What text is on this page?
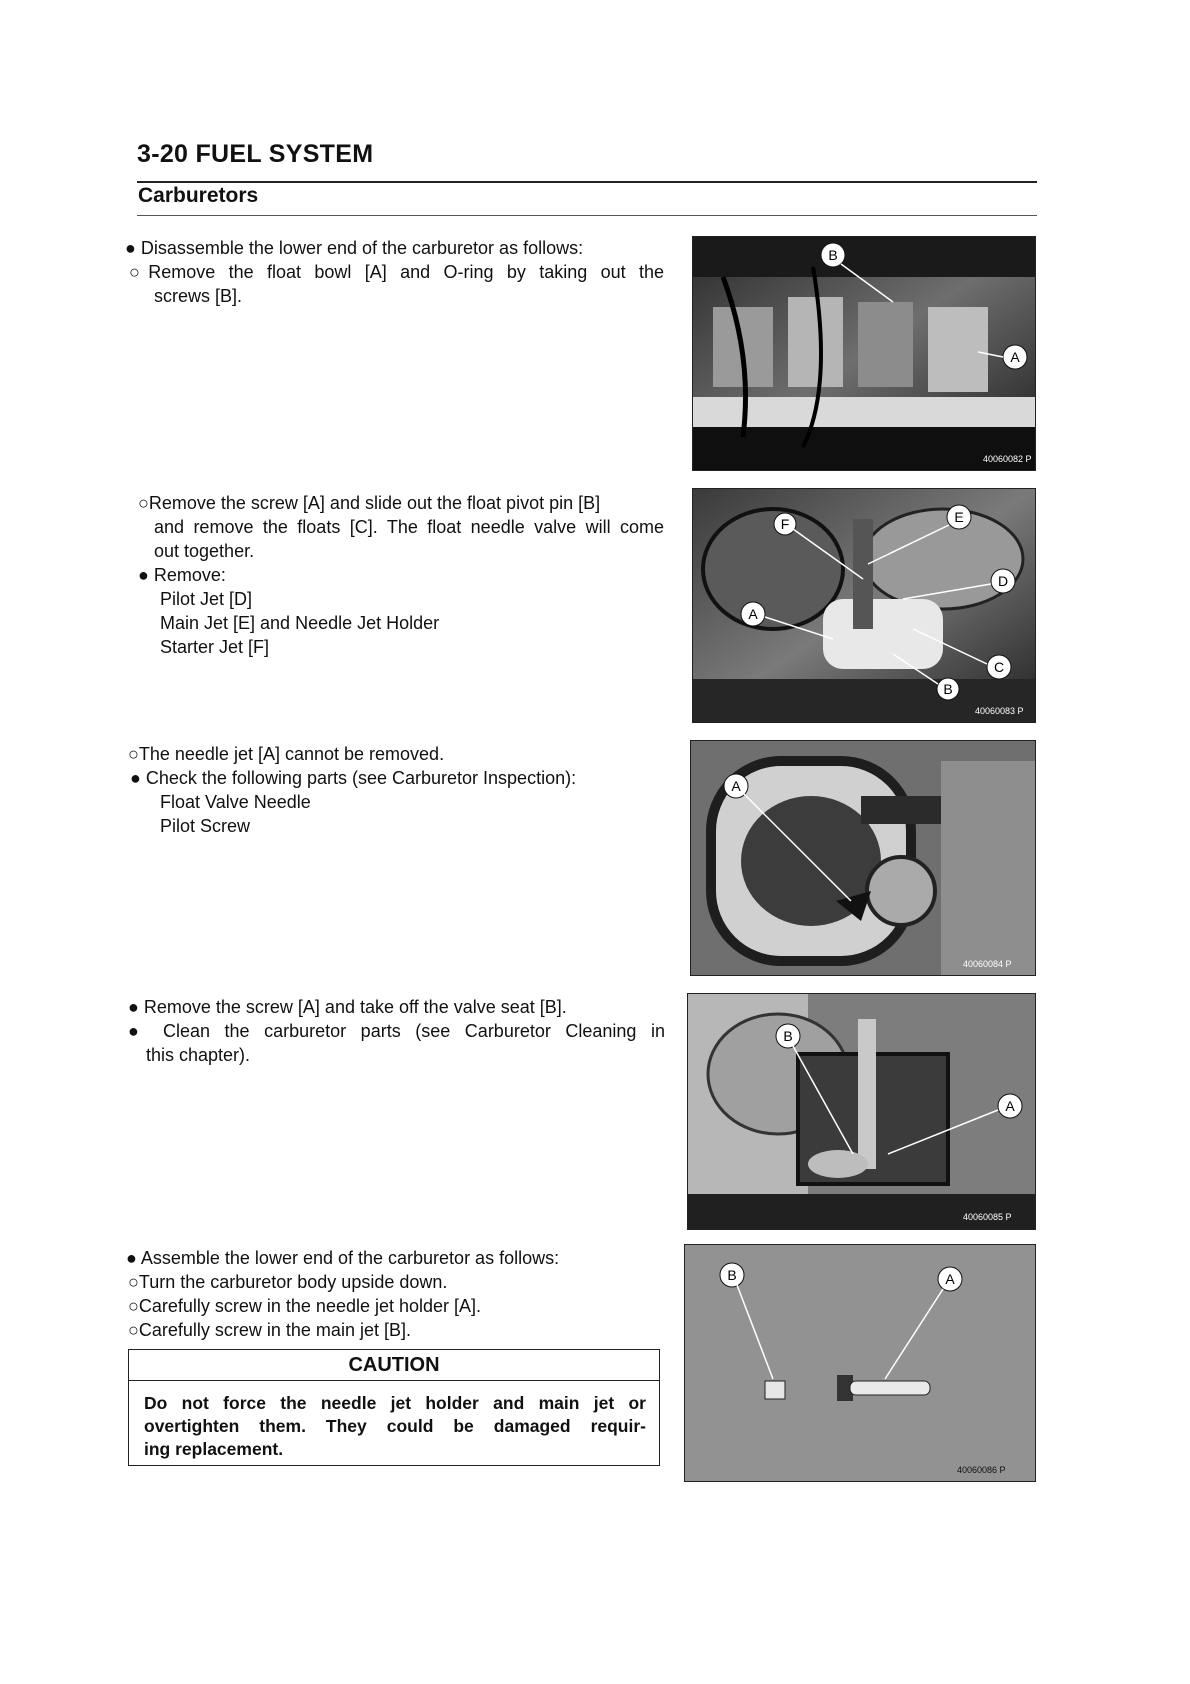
3-20 FUEL SYSTEM
Carburetors
● Disassemble the lower end of the carburetor as follows:
○Remove the float bowl [A] and O-ring by taking out the
screws [B].
B
A
40060082 P
○Remove the screw [A] and slide out the float pivot pin [B]
and remove the floats [C]. The float needle valve will come
out together.
● Remove:
Pilot Jet [D]
Main Jet [E] and Needle Jet Holder
Starter Jet [F]
F	E
D
A
C
B
40060083 P
○The needle jet [A] cannot be removed.
● Check the following parts (see Carburetor Inspection):
Float Valve Needle
Pilot Screw
A
40060084 P
● Remove the screw [A] and take off the valve seat [B].
● Clean the carburetor parts (see Carburetor Cleaning in
this chapter).
B
A
40060085 P
● Assemble the lower end of the carburetor as follows:
○Turn the carburetor body upside down.
○Carefully screw in the needle jet holder [A].
○Carefully screw in the main jet [B].
B	A
40060086 P
CAUTION
Do not force the needle jet holder and main jet or
overtighten them. They could be damaged requir-
ing replacement.
